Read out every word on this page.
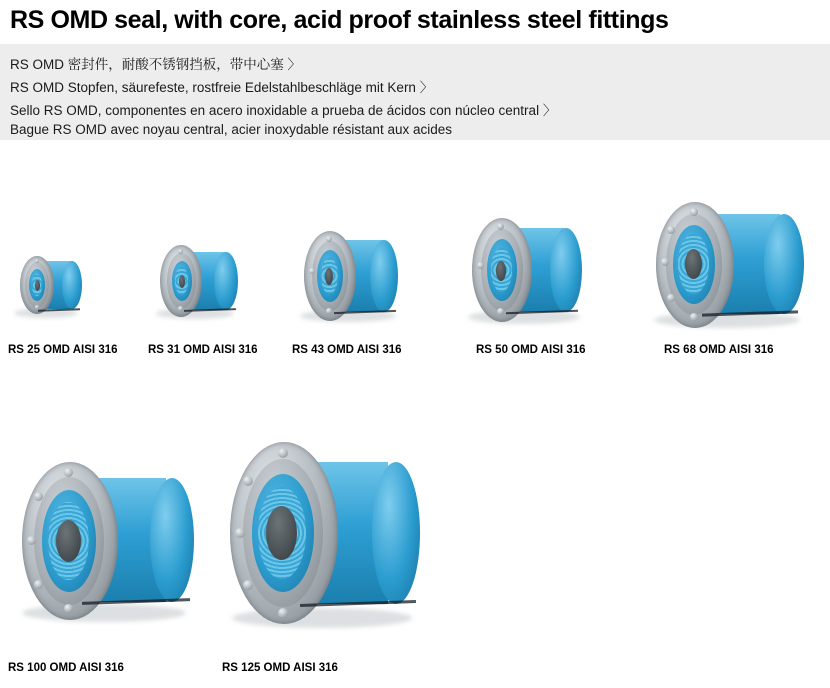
RS OMD seal, with core, acid proof stainless steel fittings
RS OMD 密封件，耐酸不锈钢挡板，带中心塞 〉
RS OMD Stopfen, säurefeste, rostfreie Edelstahlbeschläge mit Kern 〉
Sello RS OMD, componentes en acero inoxidable a prueba de ácidos con núcleo central 〉
Bague RS OMD avec noyau central, acier inoxydable résistant aux acides
RS 25 OMD AISI 316	RS 31 OMD AISI 316	RS 43 OMD AISI 316	RS 50 OMD AISI 316	RS 68 OMD AISI 316
RS 100 OMD AISI 316	RS 125 OMD AISI 316
